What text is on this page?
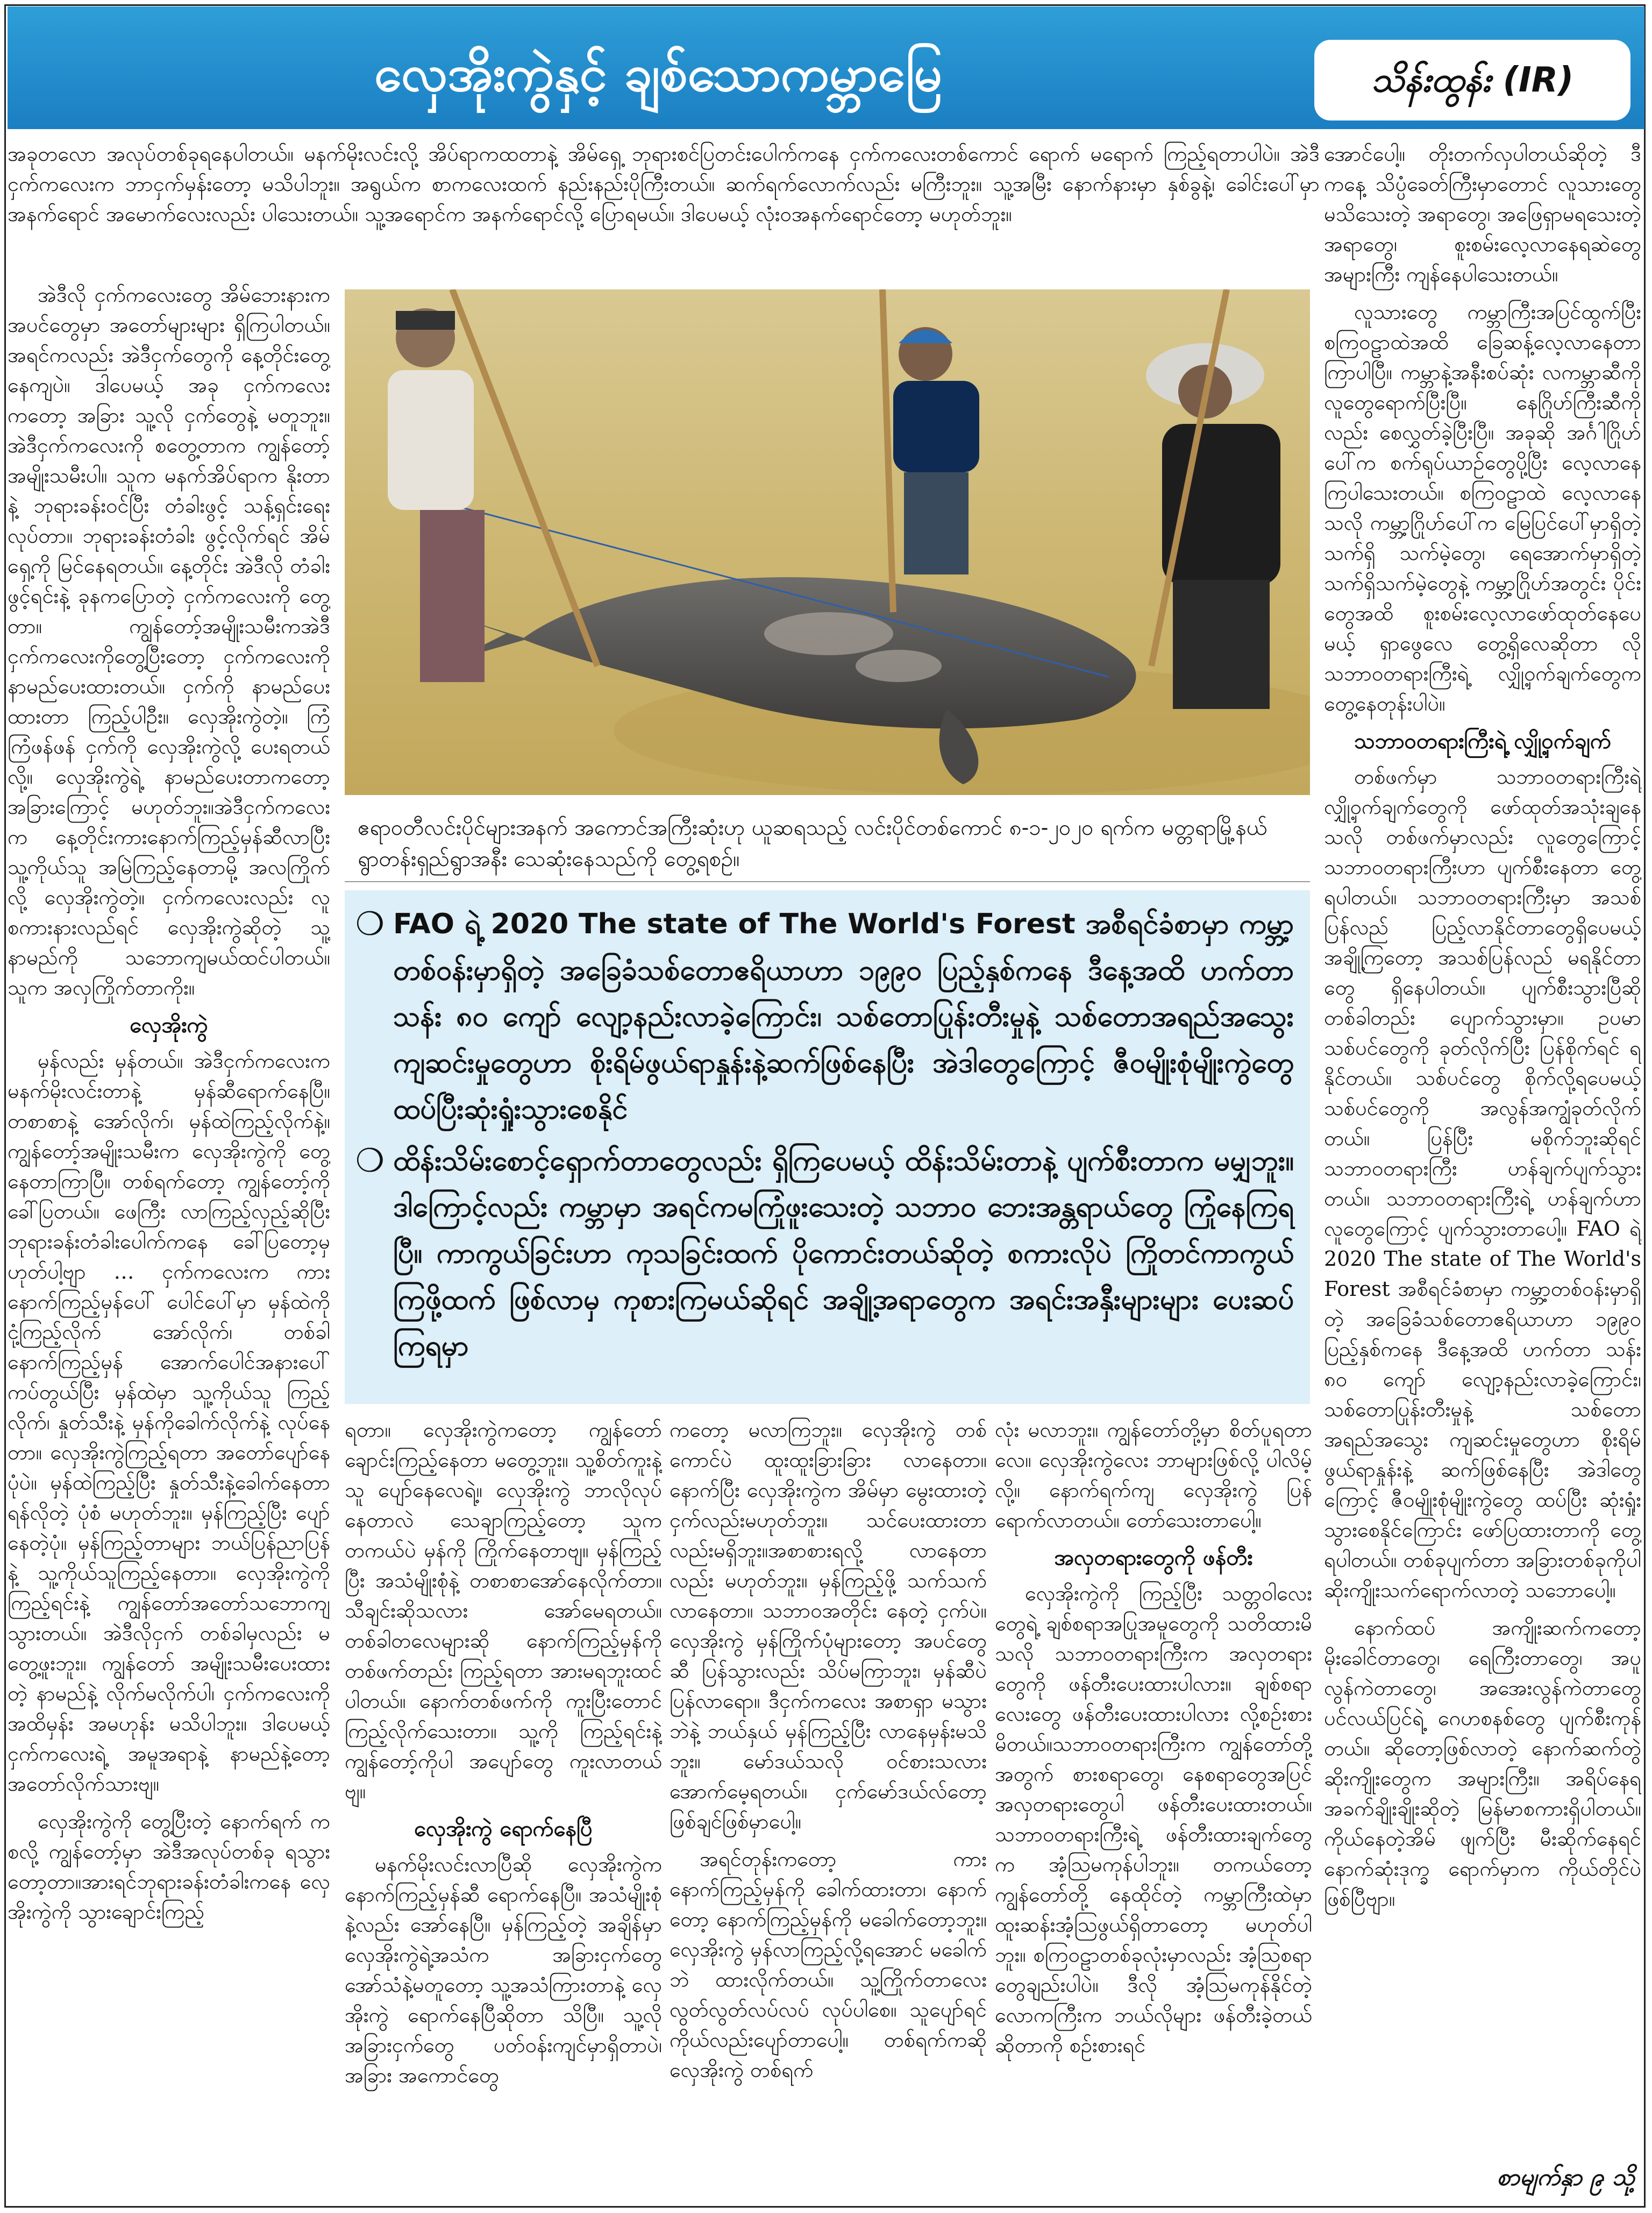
လှေအိုးကွဲနှင့် ချစ်သောကမ္ဘာမြေ	သိန်းထွန်း (IR)

အခုတလော အလုပ်တစ်ခုရနေပါတယ်။ မနက်မိုးလင်းလို့ အိပ်ရာကထတာနဲ့ အိမ်ရှေ့ ဘုရားစင်ပြတင်းပေါက်ကနေ ငှက်ကလေးတစ်ကောင် ရောက် မရောက် ကြည့်ရတာပါပဲ။ အဲဒီငှက်ကလေးက ဘာငှက်မှန်းတော့ မသိပါဘူး။ အရွယ်က စာကလေးထက် နည်းနည်းပိုကြီးတယ်။ ဆက်ရက်လောက်လည်း မကြီးဘူး။ သူ့အမြီး နောက်နားမှာ နှစ်ခွနဲ့၊ ခေါင်းပေါ်မှာ အနက်ရောင် အမောက်လေးလည်း ပါသေးတယ်။ သူ့အရောင်က အနက်ရောင်လို့ ပြောရမယ်။ ဒါပေမယ့် လုံးဝအနက်ရောင်တော့ မဟုတ်ဘူး။

အဲဒီလို ငှက်ကလေးတွေ အိမ်ဘေးနားက အပင်တွေမှာ အတော်များများ ရှိကြပါတယ်။ အရင်ကလည်း အဲဒီငှက်တွေကို နေ့တိုင်းတွေ့နေကျပဲ။ ဒါပေမယ့် အခု ငှက်ကလေးကတော့ အခြား သူ့လို ငှက်တွေနဲ့ မတူဘူး။ အဲဒီငှက်ကလေးကို စတွေ့တာက ကျွန်တော့်အမျိုးသမီးပါ။ သူက မနက်အိပ်ရာက နိုးတာနဲ့ ဘုရားခန်းဝင်ပြီး တံခါးဖွင့် သန့်ရှင်းရေးလုပ်တာ။ ဘုရားခန်းတံခါး ဖွင့်လိုက်ရင် အိမ်ရှေ့ကို မြင်နေရတယ်။ နေ့တိုင်း အဲဒီလို တံခါးဖွင့်ရင်းနဲ့ ခုနကပြောတဲ့ ငှက်ကလေးကို တွေ့တာ။ ကျွန်တော့်အမျိုးသမီးကအဲဒီငှက်ကလေးကိုတွေ့ပြီးတော့ ငှက်ကလေးကို နာမည်ပေးထားတယ်။ ငှက်ကို နာမည်ပေးထားတာ ကြည့်ပါဦး။ လှေအိုးကွဲတဲ့။ ကြံကြံဖန်ဖန် ငှက်ကို လှေအိုးကွဲလို့ ပေးရတယ်လို့။ လှေအိုးကွဲရဲ့ နာမည်ပေးတာကတော့ အခြားကြောင့် မဟုတ်ဘူး။အဲဒီငှက်ကလေးက နေ့တိုင်းကားနောက်ကြည့်မှန်ဆီလာပြီး သူ့ကိုယ်သူ အမြဲကြည့်နေတာမို့ အလကြိုက်လို့ လှေအိုးကွဲတဲ့။ ငှက်ကလေးလည်း လူ စကားနားလည်ရင် လှေအိုးကွဲဆိုတဲ့ သူ့နာမည်ကို သဘောကျမယ်ထင်ပါတယ်။ သူက အလှကြိုက်တာကိုး။

လှေအိုးကွဲ

မှန်လည်း မှန်တယ်။ အဲဒီငှက်ကလေးက မနက်မိုးလင်းတာနဲ့ မှန်ဆီရောက်နေပြီ။ တစာစာနဲ့ အော်လိုက်၊ မှန်ထဲကြည့်လိုက်နဲ့။ ကျွန်တော့်အမျိုးသမီးက လှေအိုးကွဲကို တွေ့နေတာကြာပြီ။ တစ်ရက်တော့ ကျွန်တော့်ကို ခေါ်ပြတယ်။ ဖေကြီး လာကြည့်လှည့်ဆိုပြီး ဘုရားခန်းတံခါးပေါက်ကနေ ခေါ်ပြတော့မှ ဟုတ်ပါ့ဗျာ … ငှက်ကလေးက ကားနောက်ကြည့်မှန်ပေါ် ပေါင်ပေါ်မှာ မှန်ထဲကို ငုံ့ကြည့်လိုက် အော်လိုက်၊ တစ်ခါနောက်ကြည့်မှန် အောက်ပေါင်အနားပေါ် ကပ်တွယ်ပြီး မှန်ထဲမှာ သူ့ကိုယ်သူ ကြည့်လိုက်၊ နှုတ်သီးနဲ့ မှန်ကိုခေါက်လိုက်နဲ့ လုပ်နေတာ။ လှေအိုးကွဲကြည့်ရတာ အတော်ပျော်နေပုံပဲ။ မှန်ထဲကြည့်ပြီး နှုတ်သီးနဲ့ခေါက်နေတာ ရန်လိုတဲ့ ပုံစံ မဟုတ်ဘူး။ မှန်ကြည့်ပြီး ပျော်နေတဲ့ပုံ။ မှန်ကြည့်တာများ ဘယ်ပြန်ညာပြန်နဲ့ သူ့ကိုယ်သူကြည့်နေတာ။ လှေအိုးကွဲကို ကြည့်ရင်းနဲ့ ကျွန်တော်အတော်သဘောကျသွားတယ်။ အဲဒီလိုငှက် တစ်ခါမှလည်း မတွေ့ဖူးဘူး။ ကျွန်တော် အမျိုးသမီးပေးထားတဲ့ နာမည်နဲ့ လိုက်မလိုက်ပါ၊ ငှက်ကလေးကို အထိမှန်း အမဟုန်း မသိပါဘူး။ ဒါပေမယ့် ငှက်ကလေးရဲ့ အမူအရာနဲ့ နာမည်နဲ့တော့ အတော်လိုက်သားဗျ။

လှေအိုးကွဲကို တွေ့ပြီးတဲ့ နောက်ရက် ကစလို့ ကျွန်တော့်မှာ အဲဒီအလုပ်တစ်ခု ရသွားတော့တာ။အားရင်ဘုရားခန်းတံခါးကနေ လှေအိုးကွဲကို သွားချောင်းကြည့်

ဧရာဝတီလင်းပိုင်များအနက် အကောင်အကြီးဆုံးဟု ယူဆရသည့် လင်းပိုင်တစ်ကောင် ၈-၁-၂၀၂၀ ရက်က မတ္တရာမြို့နယ် ရွာတန်းရှည်ရွာအနီး သေဆုံးနေသည်ကို တွေ့ရစဉ်။
❍ FAO ရဲ့ 2020 The state of The World's Forest အစီရင်ခံစာမှာ ကမ္ဘာ့တစ်ဝန်းမှာရှိတဲ့ အခြေခံသစ်တောဧရိယာဟာ ၁၉၉၀ ပြည့်နှစ်ကနေ ဒီနေ့အထိ ဟက်တာ သန်း ၈၀ ကျော် လျော့နည်းလာခဲ့ကြောင်း၊ သစ်တောပြုန်းတီးမှုနဲ့ သစ်တောအရည်အသွေးကျဆင်းမှုတွေဟာ စိုးရိမ်ဖွယ်ရာနှုန်းနဲ့ဆက်ဖြစ်နေပြီး အဲဒါတွေကြောင့် ဇီဝမျိုးစုံမျိုးကွဲတွေ ထပ်ပြီးဆုံးရှုံးသွားစေနိုင်
❍ ထိန်းသိမ်းစောင့်ရှောက်တာတွေလည်း ရှိကြပေမယ့် ထိန်းသိမ်းတာနဲ့ ပျက်စီးတာက မမျှဘူး။ ဒါကြောင့်လည်း ကမ္ဘာမှာ အရင်ကမကြုံဖူးသေးတဲ့ သဘာဝ ဘေးအန္တရာယ်တွေ ကြုံနေကြရပြီ။ ကာကွယ်ခြင်းဟာ ကုသခြင်းထက် ပိုကောင်းတယ်ဆိုတဲ့ စကားလိုပဲ ကြိုတင်ကာကွယ်ကြဖို့ထက် ဖြစ်လာမှ ကုစားကြမယ်ဆိုရင် အချို့အရာတွေက အရင်းအနှီးများများ ပေးဆပ်ကြရမှာ

ရတာ။ လှေအိုးကွဲကတော့ ကျွန်တော်ချောင်းကြည့်နေတာ မတွေ့ဘူး။ သူ့စိတ်ကူးနဲ့သူ ပျော်နေလေရဲ့။ လှေအိုးကွဲ ဘာလိုလုပ်နေတာလဲ သေချာကြည့်တော့ သူက တကယ်ပဲ မှန်ကို ကြိုက်နေတာဗျ။ မှန်ကြည့်ပြီး အသံမျိုးစုံနဲ့ တစာစာအော်နေလိုက်တာ။ သီချင်းဆိုသလား အော်မေရတယ်။ တစ်ခါတလေများဆို နောက်ကြည့်မှန်ကို တစ်ဖက်တည်း ကြည့်ရတာ အားမရဘူးထင်ပါတယ်။ နောက်တစ်ဖက်ကို ကူးပြီးတောင် ကြည့်လိုက်သေးတာ။ သူ့ကို ကြည့်ရင်းနဲ့ ကျွန်တော့်ကိုပါ အပျော်တွေ ကူးလာတယ်ဗျ။

လှေအိုးကွဲ ရောက်နေပြီ

မနက်မိုးလင်းလာပြီဆို လှေအိုးကွဲက နောက်ကြည့်မှန်ဆီ ရောက်နေပြီ။ အသံမျိုးစုံနဲ့လည်း အော်နေပြီ။ မှန်ကြည့်တဲ့ အချိန်မှာ လှေအိုးကွဲရဲ့အသံက အခြားငှက်တွေ အော်သံနဲ့မတူတော့ သူ့အသံကြားတာနဲ့ လှေအိုးကွဲ ရောက်နေပြီဆိုတာ သိပြီ။ သူ့လို အခြားငှက်တွေ ပတ်ဝန်းကျင်မှာရှိတာပဲ၊ အခြား အကောင်တွေ

ကတော့ မလာကြဘူး။ လှေအိုးကွဲ တစ်ကောင်ပဲ ထူးထူးခြားခြား လာနေတာ။ နောက်ပြီး လှေအိုးကွဲက အိမ်မှာ မွေးထားတဲ့ ငှက်လည်းမဟုတ်ဘူး။ သင်ပေးထားတာလည်းမရှိဘူး။အစာစားရလို့ လာနေတာလည်း မဟုတ်ဘူး။ မှန်ကြည့်ဖို့ သက်သက် လာနေတာ။ သဘာဝအတိုင်း နေတဲ့ ငှက်ပဲ။ လှေအိုးကွဲ မှန်ကြိုက်ပုံများတော့ အပင်တွေဆီ ပြန်သွားလည်း သိပ်မကြာဘူး၊ မှန်ဆီပဲ ပြန်လာရော။ ဒီငှက်ကလေး အစာရှာ မသွားဘဲနဲ့ ဘယ်နှယ် မှန်ကြည့်ပြီး လာနေမှန်းမသိဘူး။ မော်ဒယ်သလို ဝင်စားသလား အောက်မေ့ရတယ်။ ငှက်မော်ဒယ်လ်တော့ ဖြစ်ချင်ဖြစ်မှာပေါ့။

အရင်တုန်းကတော့ ကားနောက်ကြည့်မှန်ကို ခေါက်ထားတာ၊ နောက်တော့ နောက်ကြည့်မှန်ကို မခေါက်တော့ဘူး။ လှေအိုးကွဲ မှန်လာကြည့်လို့ရအောင် မခေါက်ဘဲ ထားလိုက်တယ်။ သူ့ကြိုက်တာလေး လွတ်လွတ်လပ်လပ် လုပ်ပါစေ။ သူပျော်ရင် ကိုယ်လည်းပျော်တာပေါ့။ တစ်ရက်ကဆို လှေအိုးကွဲ တစ်ရက်

လုံး မလာဘူး။ ကျွန်တော်တို့မှာ စိတ်ပူရတာလေ။ လှေအိုးကွဲလေး ဘာများဖြစ်လို့ ပါလိမ့်လို့။ နောက်ရက်ကျ လှေအိုးကွဲ ပြန်ရောက်လာတယ်။ တော်သေးတာပေါ့။

အလှတရားတွေကို ဖန်တီး

လှေအိုးကွဲကို ကြည့်ပြီး သတ္တဝါလေး တွေရဲ့ ချစ်စရာအပြုအမူတွေကို သတိထားမိသလို သဘာဝတရားကြီးက အလှတရားတွေကို ဖန်တီးပေးထားပါလား။ ချစ်စရာလေးတွေ ဖန်တီးပေးထားပါလား လို့စဉ်းစားမိတယ်။သဘာဝတရားကြီးက ကျွန်တော်တို့အတွက် စားစရာတွေ၊ နေစရာတွေအပြင် အလှတရားတွေပါ ဖန်တီးပေးထားတယ်။ သဘာဝတရားကြီးရဲ့ ဖန်တီးထားချက်တွေက အံ့ဩမကုန်ပါဘူး။ တကယ်တော့ ကျွန်တော်တို့ နေထိုင်တဲ့ ကမ္ဘာကြီးထဲမှာ ထူးဆန်းအံ့ဩဖွယ်ရှိတာတော့ မဟုတ်ပါဘူး။ စကြဝဠာတစ်ခုလုံးမှာလည်း အံ့ဩစရာတွေချည်းပါပဲ။ ဒီလို အံ့ဩမကုန်နိုင်တဲ့ လောကကြီးက ဘယ်လိုများ ဖန်တီးခဲ့တယ်ဆိုတာကို စဉ်းစားရင်

အောင်ပေါ့။ တိုးတက်လှပါတယ်ဆိုတဲ့ ဒီကနေ့ သိပ္ပံခေတ်ကြီးမှာတောင် လူသားတွေ မသိသေးတဲ့ အရာတွေ၊ အဖြေရှာမရသေးတဲ့အရာတွေ၊ စူးစမ်းလေ့လာနေရဆဲတွေ အများကြီး ကျန်နေပါသေးတယ်။

လူသားတွေ ကမ္ဘာကြီးအပြင်ထွက်ပြီး စကြဝဠာထဲအထိ ခြေဆန့်လေ့လာနေတာကြာပါပြီ။ ကမ္ဘာနဲ့အနီးစပ်ဆုံး လကမ္ဘာဆီကို လူတွေရောက်ပြီးပြီ။ နေဂြိုဟ်ကြီးဆီကိုလည်း စေလွှတ်ခဲ့ပြီးပြီ။ အခုဆို အင်္ဂါဂြိုဟ်ပေါ်က စက်ရုပ်ယာဉ်တွေပို့ပြီး လေ့လာနေကြပါသေးတယ်။ စကြဝဠာထဲ လေ့လာနေသလို ကမ္ဘာ့ဂြိုဟ်ပေါ်က မြေပြင်ပေါ်မှာရှိတဲ့ သက်ရှိ သက်မဲ့တွေ၊ ရေအောက်မှာရှိတဲ့ သက်ရှိသက်မဲ့တွေနဲ့ ကမ္ဘာ့ဂြိုဟ်အတွင်း ပိုင်းတွေအထိ စူးစမ်းလေ့လာဖော်ထုတ်နေပေမယ့် ရှာဖွေလေ တွေ့ရှိလေဆိုတာ လို သဘာဝတရားကြီးရဲ့ လျှို့ဝှက်ချက်တွေက တွေ့နေတုန်းပါပဲ။

သဘာဝတရားကြီးရဲ့ လျှို့ဝှက်ချက်

တစ်ဖက်မှာ သဘာဝတရားကြီးရဲ့ လျှို့ဝှက်ချက်တွေကို ဖော်ထုတ်အသုံးချနေသလို တစ်ဖက်မှာလည်း လူတွေကြောင့် သဘာဝတရားကြီးဟာ ပျက်စီးနေတာ တွေ့ရပါတယ်။ သဘာဝတရားကြီးမှာ အသစ်ပြန်လည် ပြည့်လာနိုင်တာတွေရှိပေမယ့် အချို့ကြတော့ အသစ်ပြန်လည် မရနိုင်တာတွေ ရှိနေပါတယ်။ ပျက်စီးသွားပြီဆို တစ်ခါတည်း ပျောက်သွားမှာ။ ဥပမာ သစ်ပင်တွေကို ခုတ်လိုက်ပြီး ပြန်စိုက်ရင် ရနိုင်တယ်။ သစ်ပင်တွေ စိုက်လို့ရပေမယ့် သစ်ပင်တွေကို အလွန်အကျွံခုတ်လိုက်တယ်။ ပြန်ပြီး မစိုက်ဘူးဆိုရင် သဘာဝတရားကြီး ဟန်ချက်ပျက်သွားတယ်။ သဘာဝတရားကြီးရဲ့ ဟန်ချက်ဟာ လူတွေကြောင့် ပျက်သွားတာပေါ့။ FAO ရဲ့ 2020 The state of The World's Forest အစီရင်ခံစာမှာ ကမ္ဘာ့တစ်ဝန်းမှာရှိတဲ့ အခြေခံသစ်တောဧရိယာဟာ ၁၉၉၀ ပြည့်နှစ်ကနေ ဒီနေ့အထိ ဟက်တာ သန်း ၈၀ ကျော် လျော့နည်းလာခဲ့ကြောင်း၊ သစ်တောပြုန်းတီးမှုနဲ့ သစ်တောအရည်အသွေး ကျဆင်းမှုတွေဟာ စိုးရိမ်ဖွယ်ရာနှုန်းနဲ့ ဆက်ဖြစ်နေပြီး အဲဒါတွေကြောင့် ဇီဝမျိုးစုံမျိုးကွဲတွေ ထပ်ပြီး ဆုံးရှုံးသွားစေနိုင်ကြောင်း ဖော်ပြထားတာကို တွေ့ရပါတယ်။ တစ်ခုပျက်တာ အခြားတစ်ခုကိုပါ ဆိုးကျိုးသက်ရောက်လာတဲ့ သဘောပေါ့။

နောက်ထပ် အကျိုးဆက်ကတော့ မိုးခေါင်တာတွေ၊ ရေကြီးတာတွေ၊ အပူလွန်ကဲတာတွေ၊ အအေးလွန်ကဲတာတွေ ပင်လယ်ပြင်ရဲ့ ဂေဟစနစ်တွေ ပျက်စီးကုန်တယ်။ ဆိုတော့ဖြစ်လာတဲ့ နောက်ဆက်တွဲဆိုးကျိုးတွေက အများကြီး။ အရိပ်နေရ အခက်ချိုးချိုးဆိုတဲ့ မြန်မာစကားရှိပါတယ်။ ကိုယ်နေတဲ့အိမ် ဖျက်ပြီး မီးဆိုက်နေရင် နောက်ဆုံးဒုက္ခ ရောက်မှာက ကိုယ်တိုင်ပဲဖြစ်ပြီဗျာ။

စာမျက်နှာ ၉ သို့
